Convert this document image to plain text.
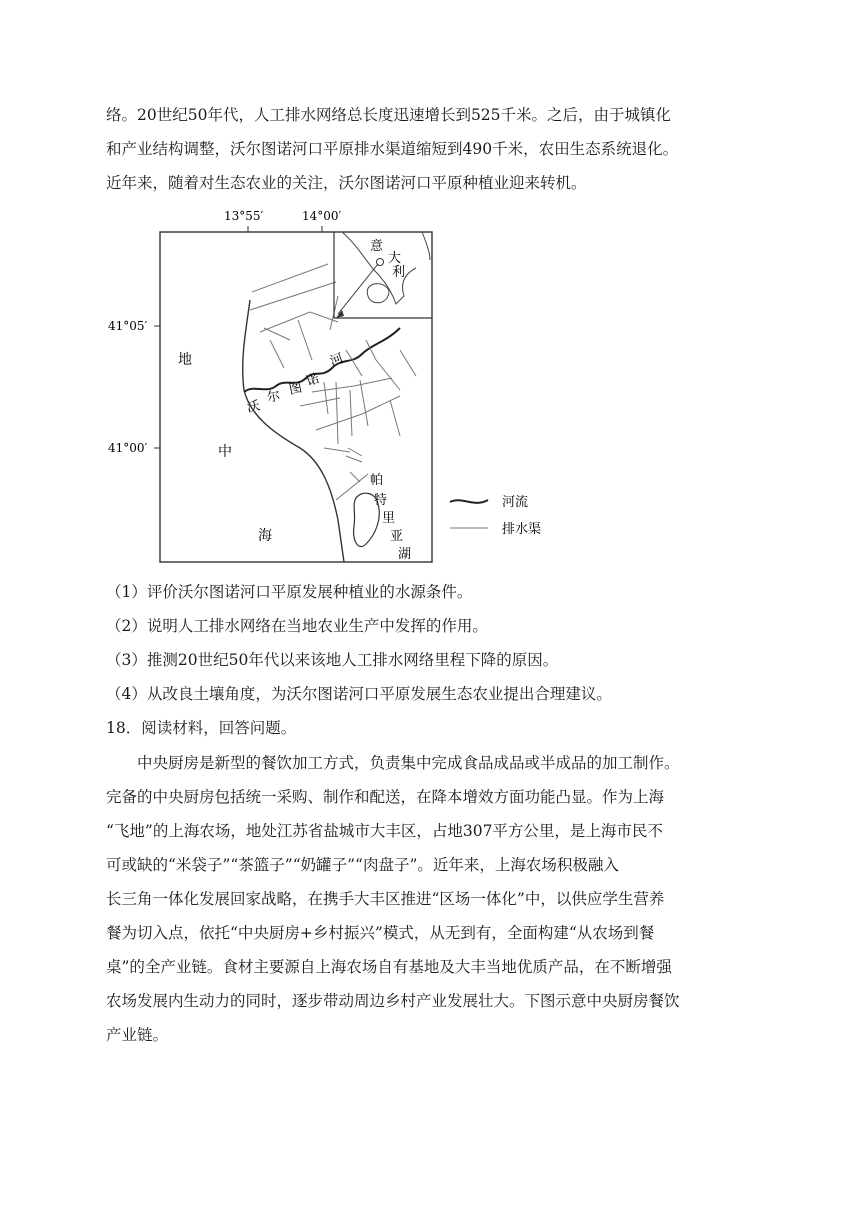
络。20世纪50年代，人工排水网络总长度迅速增长到525千米。之后，由于城镇化
和产业结构调整，沃尔图诺河口平原排水渠道缩短到490千米，农田生态系统退化。
近年来，随着对生态农业的关注，沃尔图诺河口平原种植业迎来转机。
13°55′	14°00′
41°05′
41°00′
意
大
利
地
中
海
沃
尔 图 诺
河
帕
特
里
亚
湖
河流
排水渠
（1）评价沃尔图诺河口平原发展种植业的水源条件。
（2）说明人工排水网络在当地农业生产中发挥的作用。
（3）推测20世纪50年代以来该地人工排水网络里程下降的原因。
（4）从改良土壤角度，为沃尔图诺河口平原发展生态农业提出合理建议。
18．阅读材料，回答问题。
中央厨房是新型的餐饮加工方式，负责集中完成食品成品或半成品的加工制作。
完备的中央厨房包括统一采购、制作和配送，在降本增效方面功能凸显。作为上海
“飞地”的上海农场，地处江苏省盐城市大丰区，占地307平方公里，是上海市民不
可或缺的“米袋子”“茶篮子”“奶罐子”“肉盘子”。近年来，上海农场积极融入
长三角一体化发展回家战略，在携手大丰区推进“区场一体化”中，以供应学生营养
餐为切入点，依托“中央厨房+乡村振兴”模式，从无到有，全面构建“从农场到餐
桌”的全产业链。食材主要源自上海农场自有基地及大丰当地优质产品，在不断增强
农场发展内生动力的同时，逐步带动周边乡村产业发展壮大。下图示意中央厨房餐饮
产业链。
